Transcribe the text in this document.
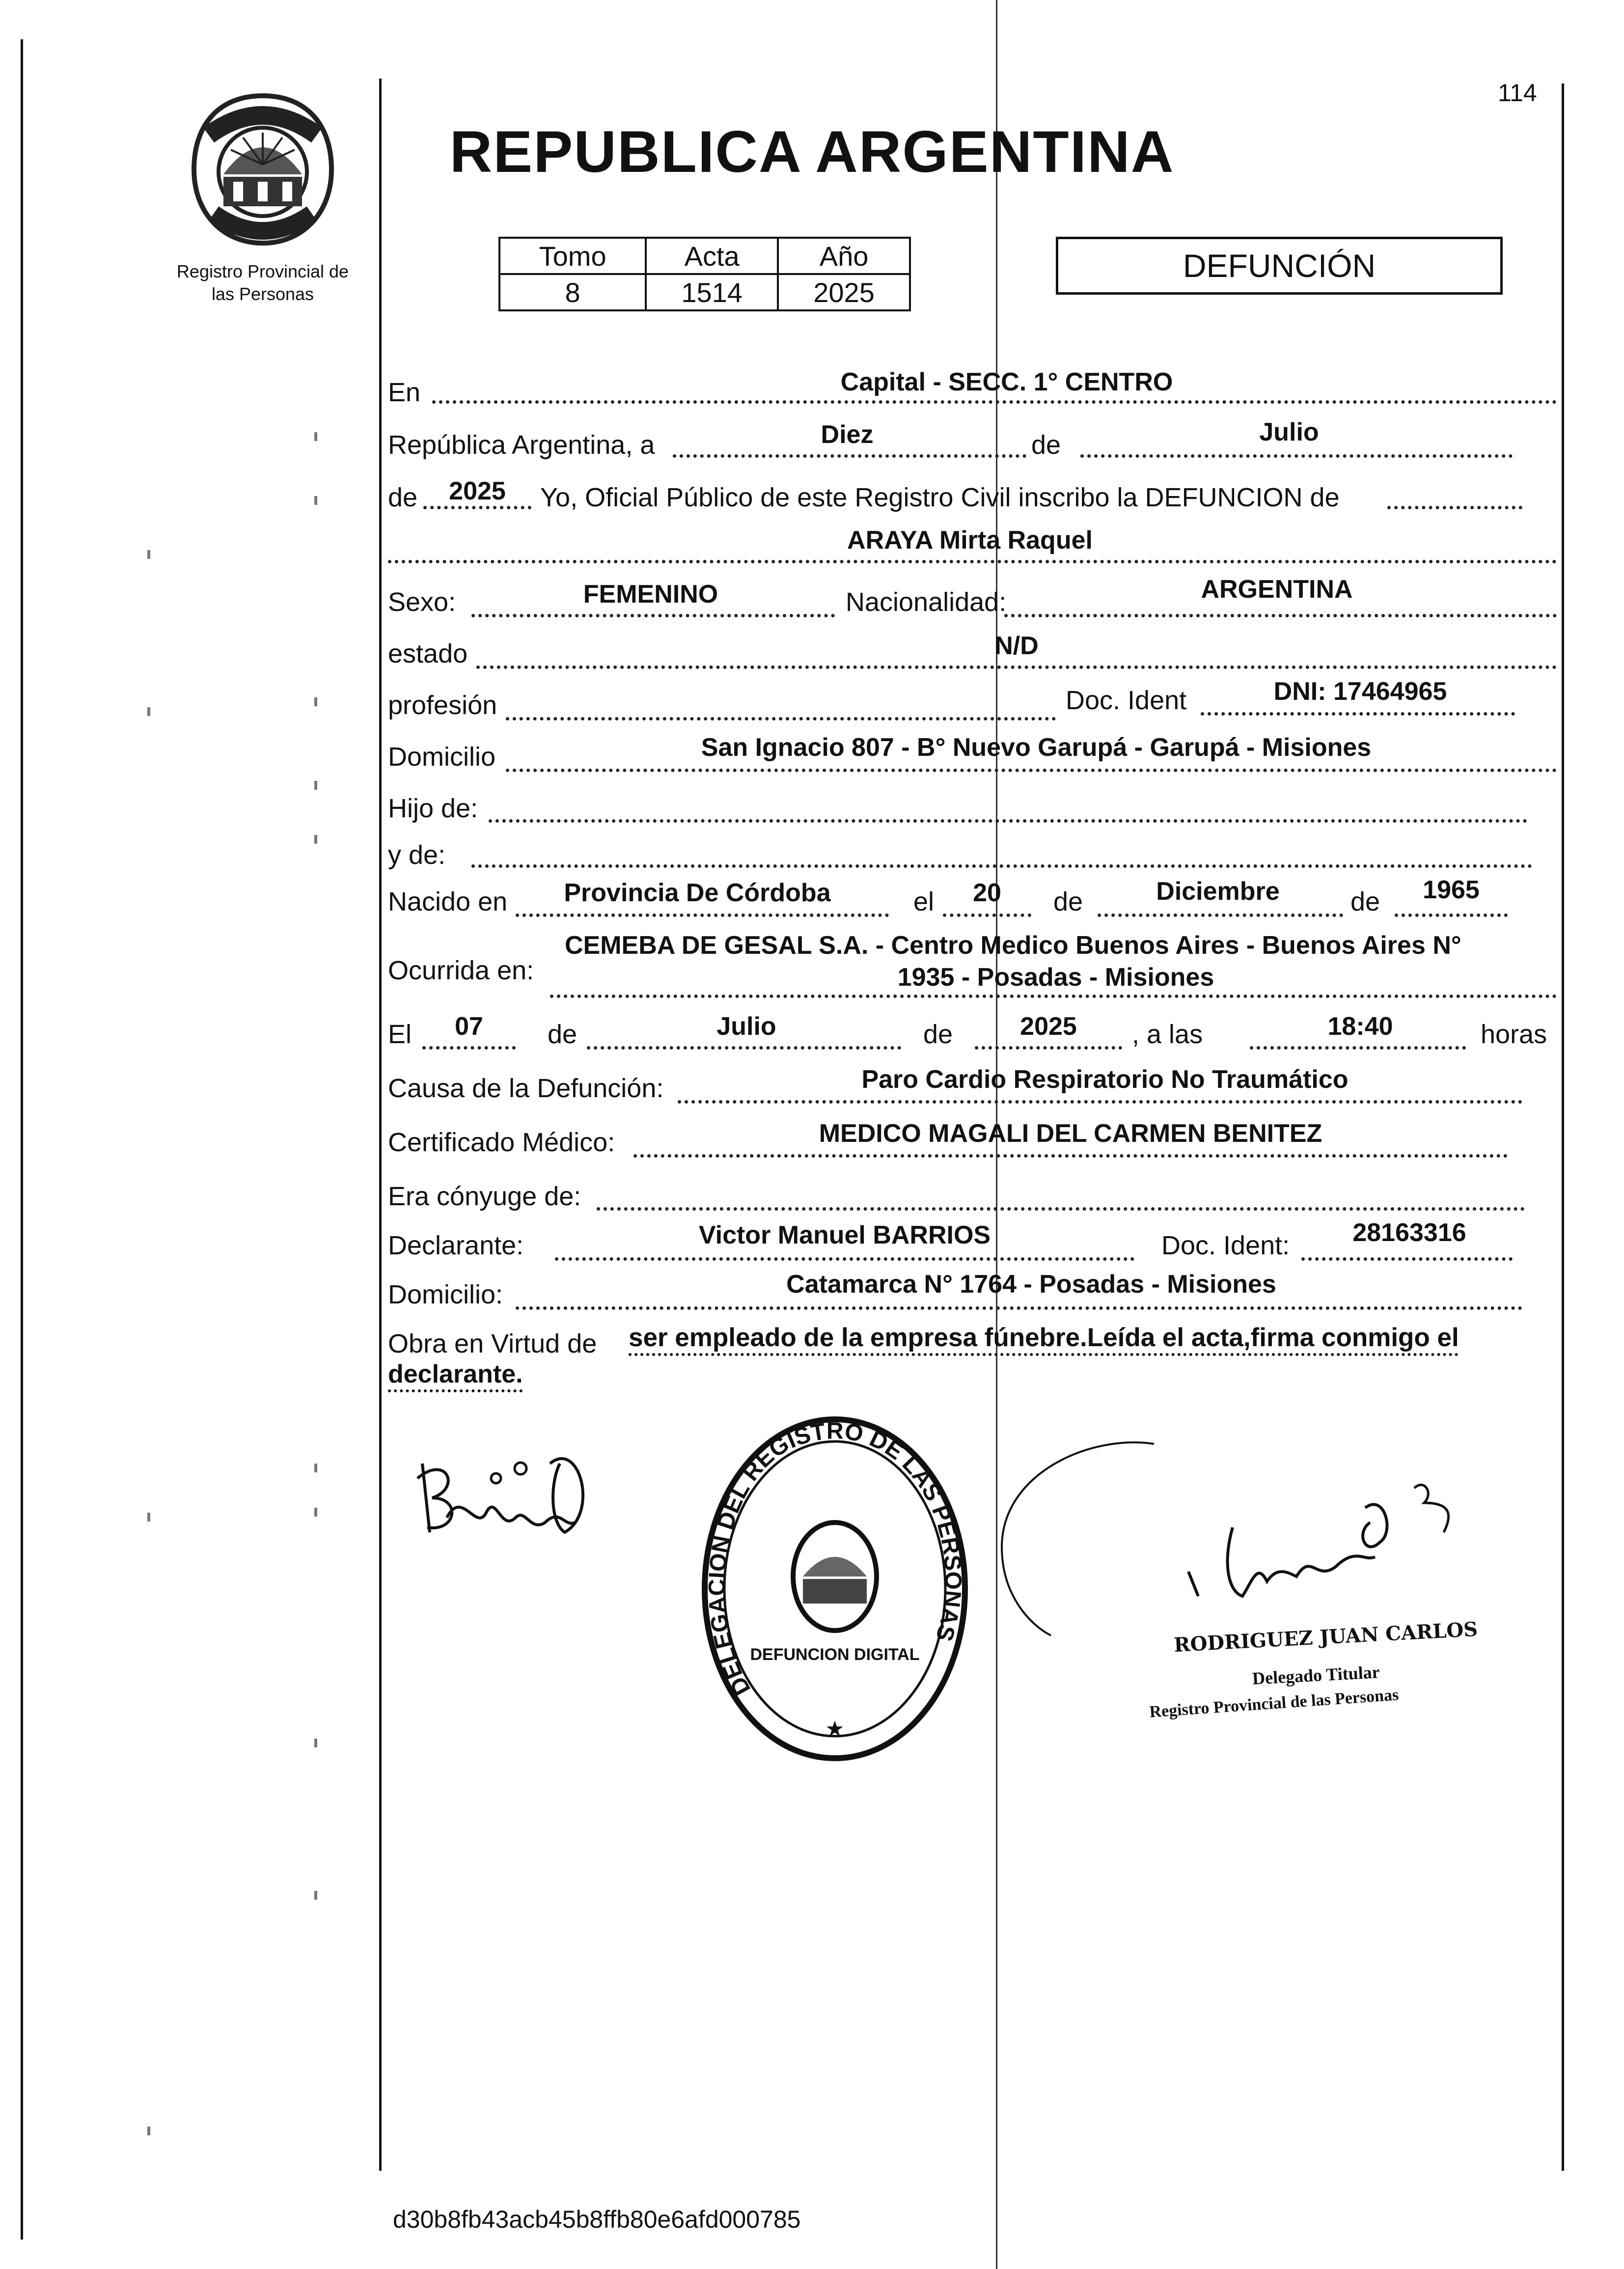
Registro Provincial de
las Personas
114
REPUBLICA ARGENTINA
Tomo	Acta	Año
8	1514	2025
DEFUNCIÓN
En	Capital - SECC. 1° CENTRO
República Argentina, a	Diez	de	Julio
de	2025	Yo, Oficial Público de este Registro Civil inscribo la DEFUNCION de
ARAYA Mirta Raquel
Sexo:	FEMENINO	Nacionalidad:	ARGENTINA
estado	N/D
profesión	Doc. Ident	DNI: 17464965
Domicilio	San Ignacio 807 - B° Nuevo Garupá - Garupá - Misiones
Hijo de:
y de:
Nacido en	Provincia De Córdoba	el	20	de	Diciembre	de	1965
CEMEBA DE GESAL S.A. - Centro Medico Buenos Aires - Buenos Aires N°
Ocurrida en:	1935 - Posadas - Misiones
El	07	de	Julio	de	2025	, a las	18:40	horas
Causa de la Defunción:	Paro Cardio Respiratorio No Traumático
Certificado Médico:	MEDICO MAGALI DEL CARMEN BENITEZ
Era cónyuge de:
Declarante:	Victor Manuel BARRIOS	Doc. Ident:	28163316
Domicilio:	Catamarca N° 1764 - Posadas - Misiones
Obra en Virtud de ser empleado de la empresa fúnebre.Leída el acta,firma conmigo el
declarante.
DELEGACIÓN DEL REGISTRO DE LAS PERSONAS
DEFUNCION DIGITAL
★
RODRIGUEZ JUAN CARLOS
Delegado Titular
Registro Provincial de las Personas
d30b8fb43acb45b8ffb80e6afd000785
